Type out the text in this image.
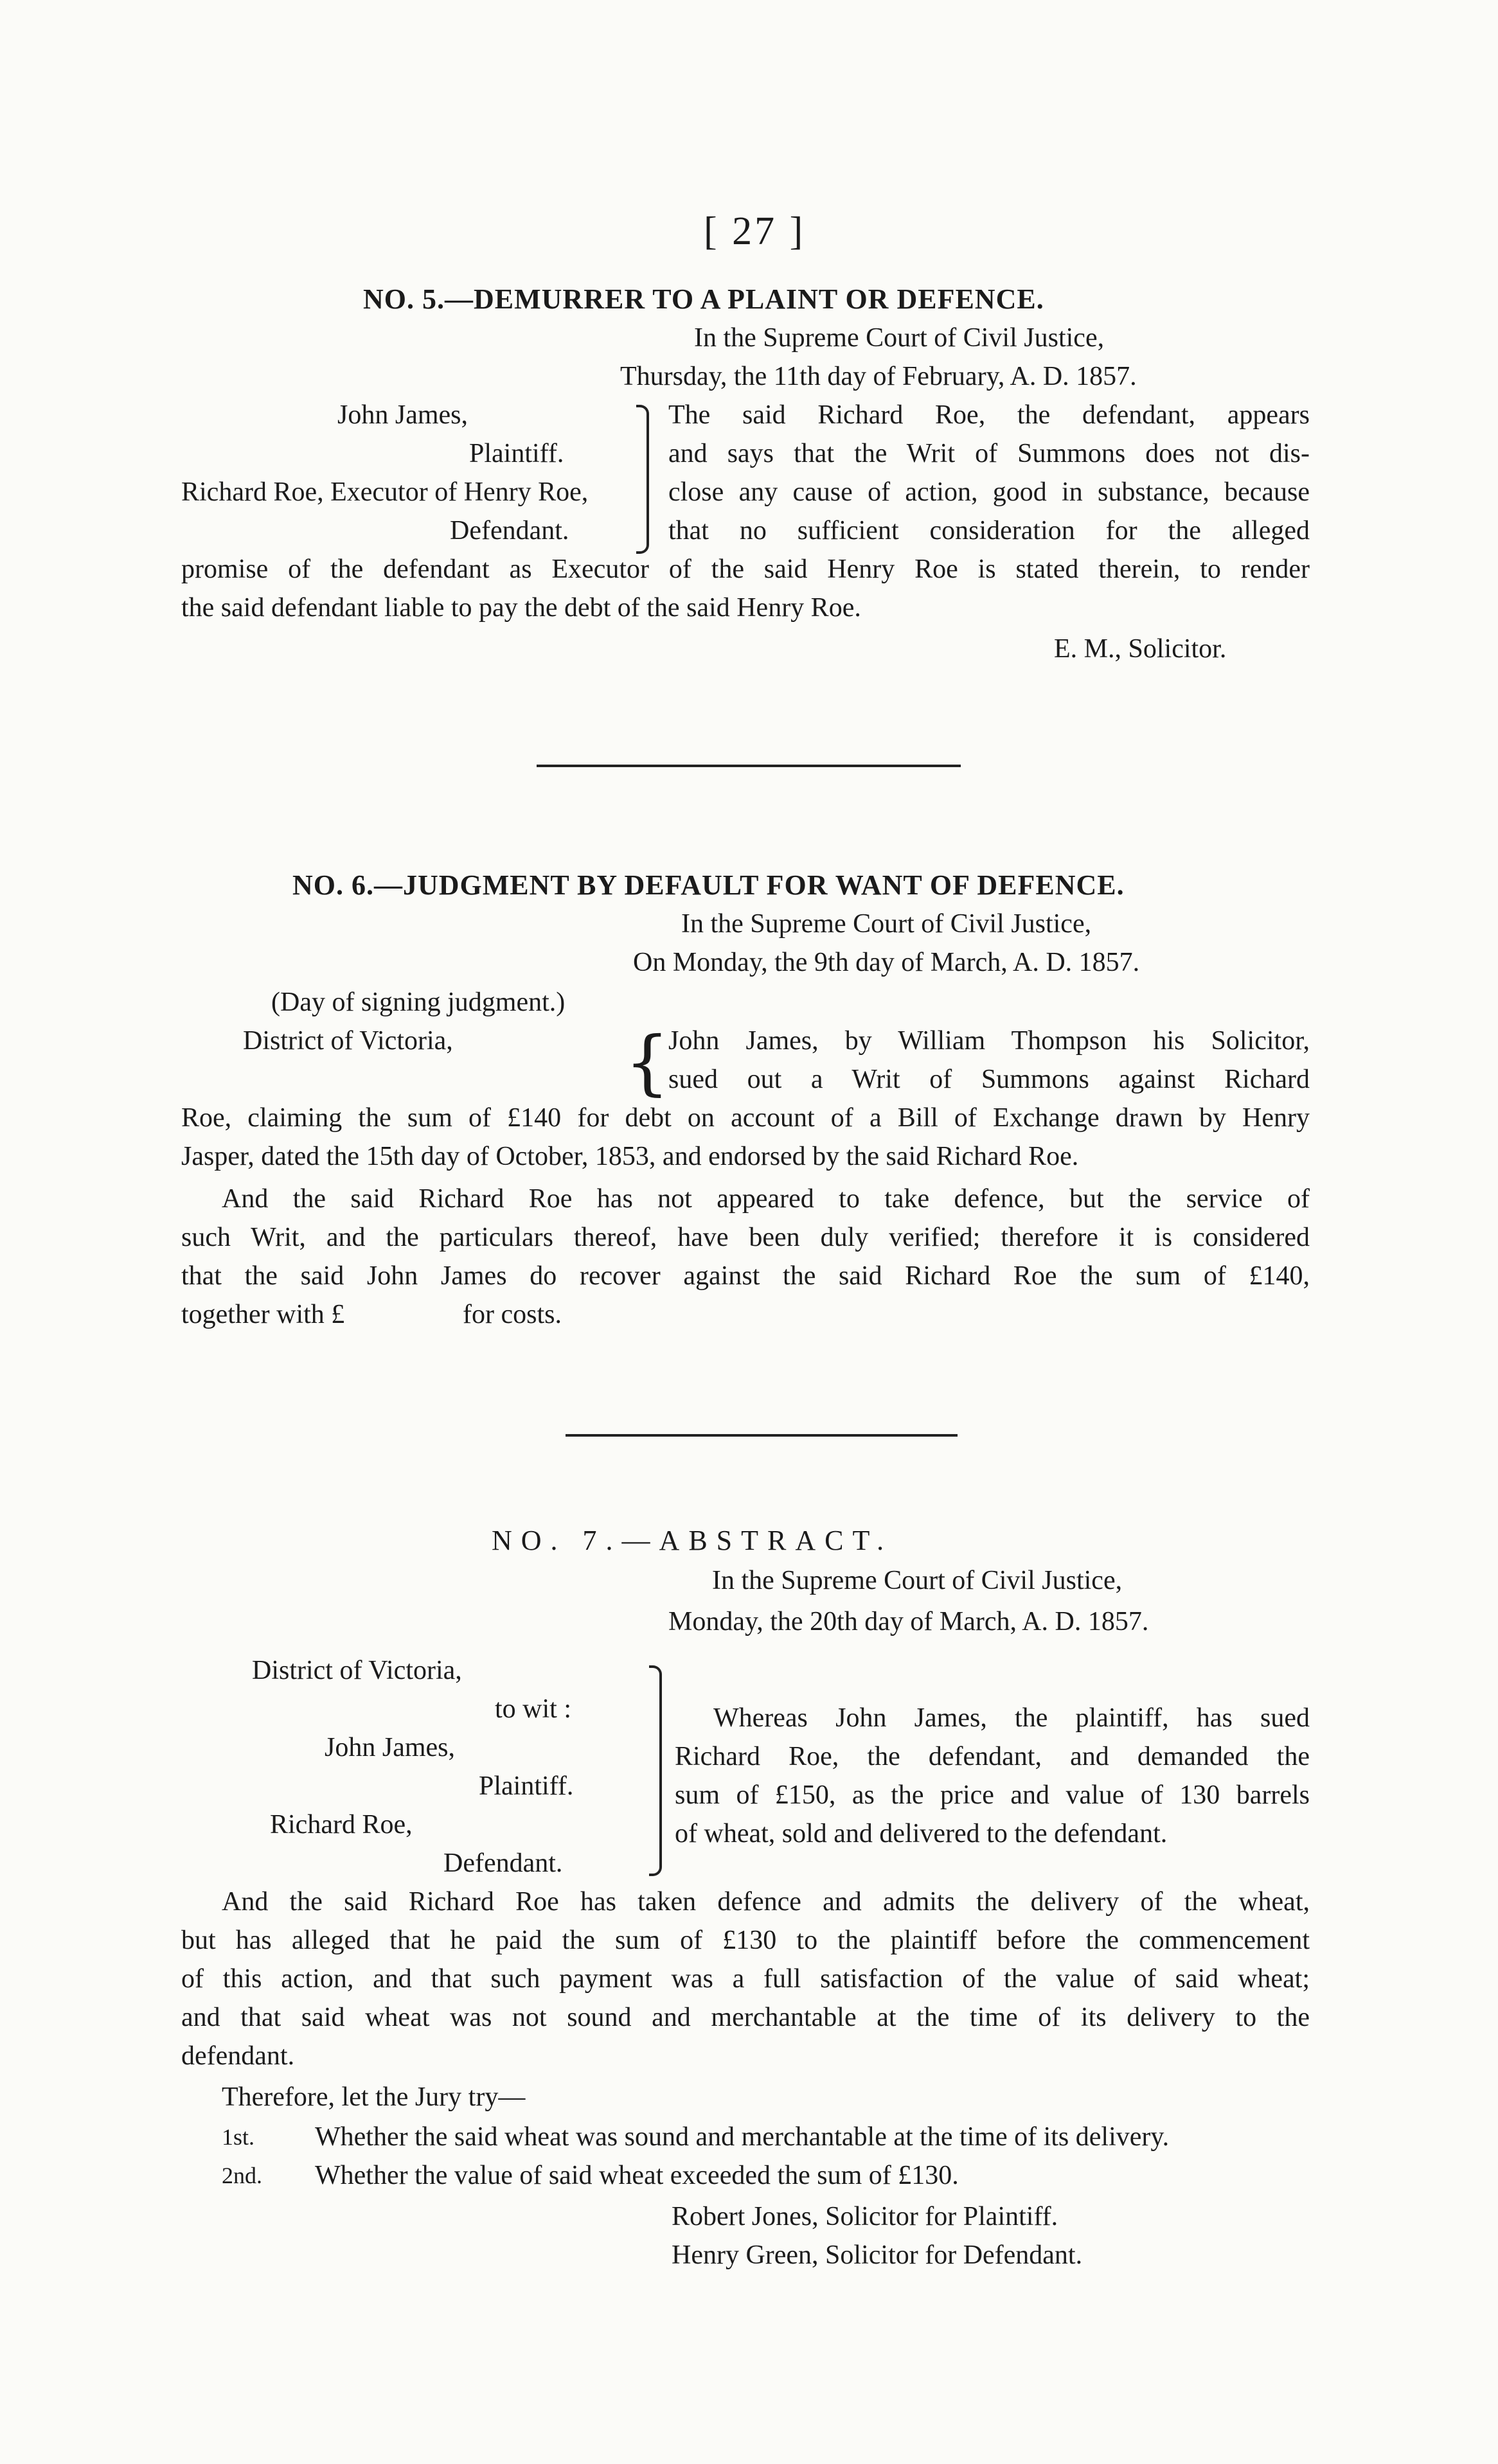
[ 27 ]
NO. 5.—DEMURRER TO A PLAINT OR DEFENCE.
In the Supreme Court of Civil Justice,
Thursday, the 11th day of February, A. D. 1857.
John James,
Plaintiff.
Richard Roe, Executor of Henry Roe,
Defendant.
The said Richard Roe, the defendant, appears
and says that the Writ of Summons does not dis-
close any cause of action, good in substance, because
that no sufficient consideration for the alleged
promise of the defendant as Executor of the said Henry Roe is stated therein, to render
the said defendant liable to pay the debt of the said Henry Roe.
E. M., Solicitor.
NO. 6.—JUDGMENT BY DEFAULT FOR WANT OF DEFENCE.
In the Supreme Court of Civil Justice,
On Monday, the 9th day of March, A. D. 1857.
(Day of signing judgment.)
District of Victoria, {
John James, by William Thompson his Solicitor,
sued out a Writ of Summons against Richard
Roe, claiming the sum of £140 for debt on account of a Bill of Exchange drawn by Henry
Jasper, dated the 15th day of October, 1853, and endorsed by the said Richard Roe.
And the said Richard Roe has not appeared to take defence, but the service of
such Writ, and the particulars thereof, have been duly verified; therefore it is considered
that the said John James do recover against the said Richard Roe the sum of £140,
together with £	for costs.
NO. 7.—ABSTRACT.
In the Supreme Court of Civil Justice,
Monday, the 20th day of March, A. D. 1857.
District of Victoria,
to wit :
John James,
Plaintiff.
Richard Roe,
Defendant.
Whereas John James, the plaintiff, has sued
Richard Roe, the defendant, and demanded the
sum of £150, as the price and value of 130 barrels
of wheat, sold and delivered to the defendant.
And the said Richard Roe has taken defence and admits the delivery of the wheat,
but has alleged that he paid the sum of £130 to the plaintiff before the commencement
of this action, and that such payment was a full satisfaction of the value of said wheat;
and that said wheat was not sound and merchantable at the time of its delivery to the
defendant.
Therefore, let the Jury try—
1st. Whether the said wheat was sound and merchantable at the time of its delivery.
2nd. Whether the value of said wheat exceeded the sum of £130.
Robert Jones, Solicitor for Plaintiff.
Henry Green, Solicitor for Defendant.
